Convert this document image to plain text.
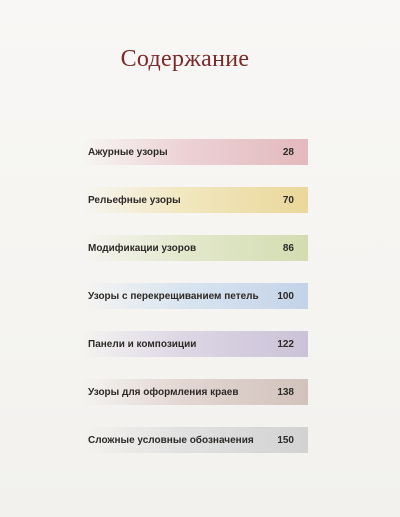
Содержание
Ажурные узоры	28
Рельефные узоры	70
Модификации узоров	86
Узоры с перекрещиванием петель 100
Панели и композиции	122
Узоры для оформления краев	138
Сложные условные обозначения 150
